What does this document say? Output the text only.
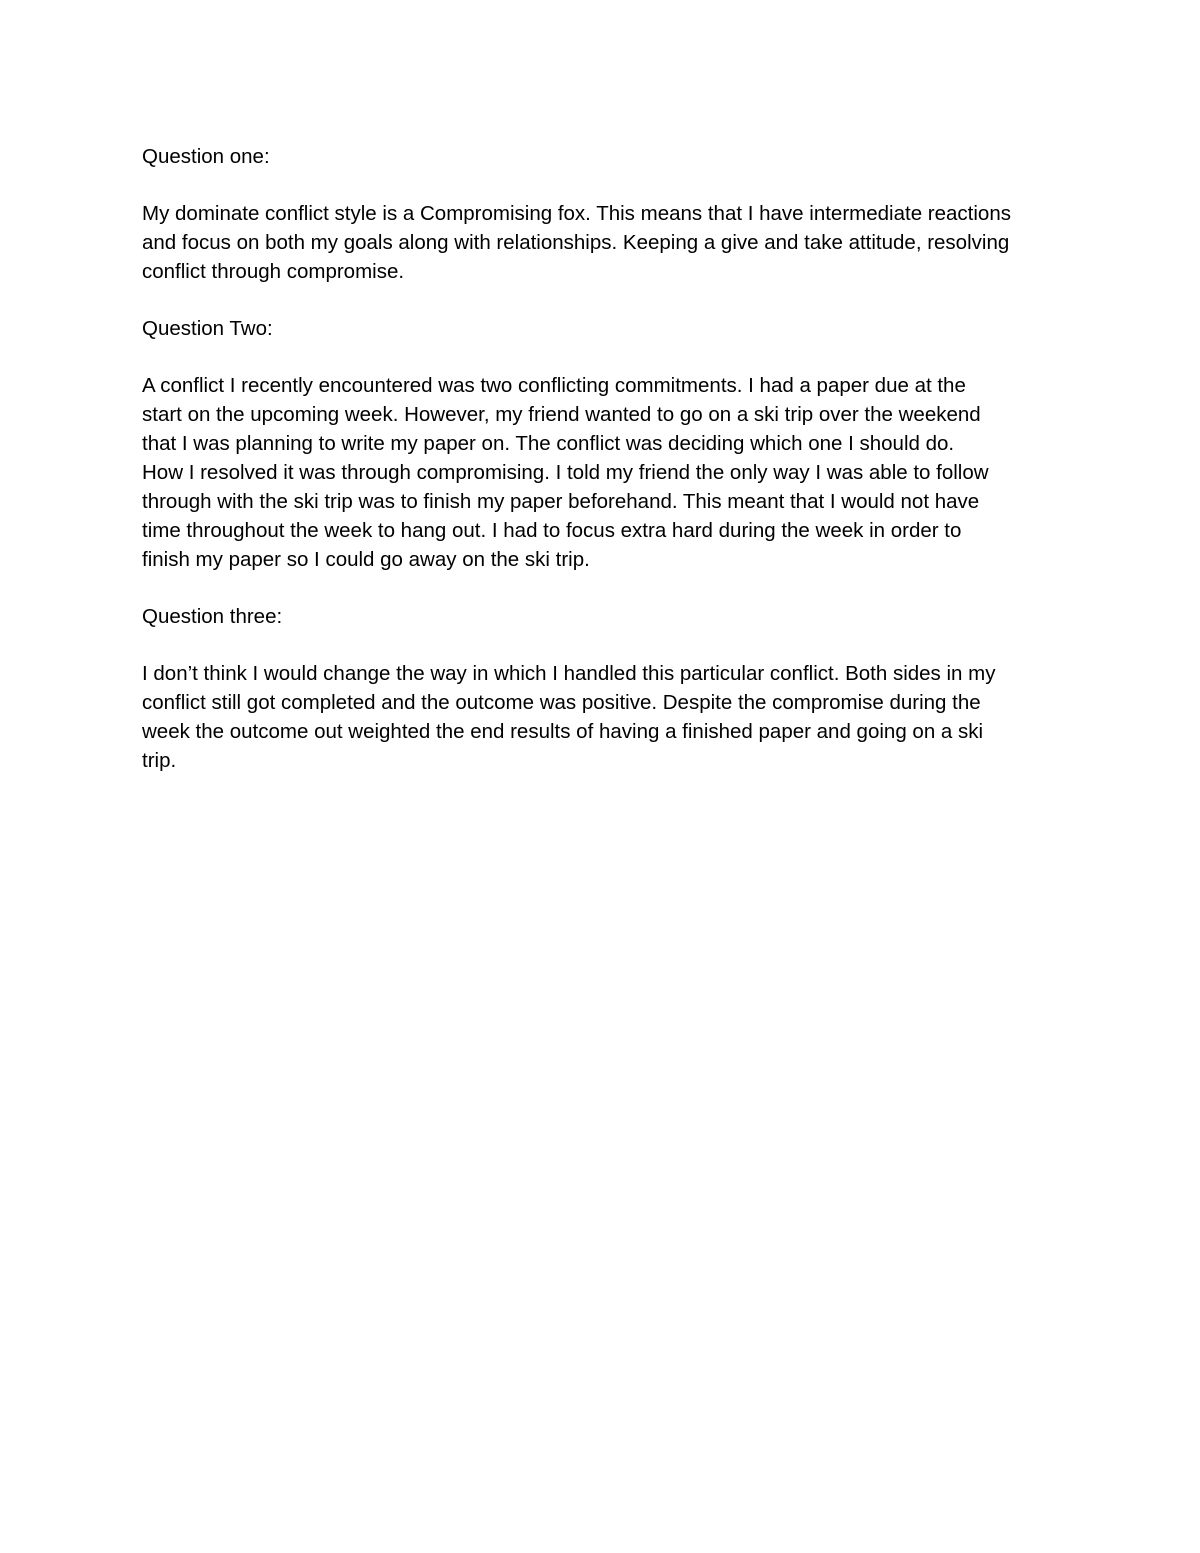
Question one:
My dominate conflict style is a Compromising fox. This means that I have intermediate reactions
and focus on both my goals along with relationships. Keeping a give and take attitude, resolving
conflict through compromise.
Question Two:
A conflict I recently encountered was two conflicting commitments. I had a paper due at the
start on the upcoming week. However, my friend wanted to go on a ski trip over the weekend
that I was planning to write my paper on. The conflict was deciding which one I should do.
How I resolved it was through compromising. I told my friend the only way I was able to follow
through with the ski trip was to finish my paper beforehand. This meant that I would not have
time throughout the week to hang out. I had to focus extra hard during the week in order to
finish my paper so I could go away on the ski trip.
Question three:
I don’t think I would change the way in which I handled this particular conflict. Both sides in my
conflict still got completed and the outcome was positive. Despite the compromise during the
week the outcome out weighted the end results of having a finished paper and going on a ski
trip.
